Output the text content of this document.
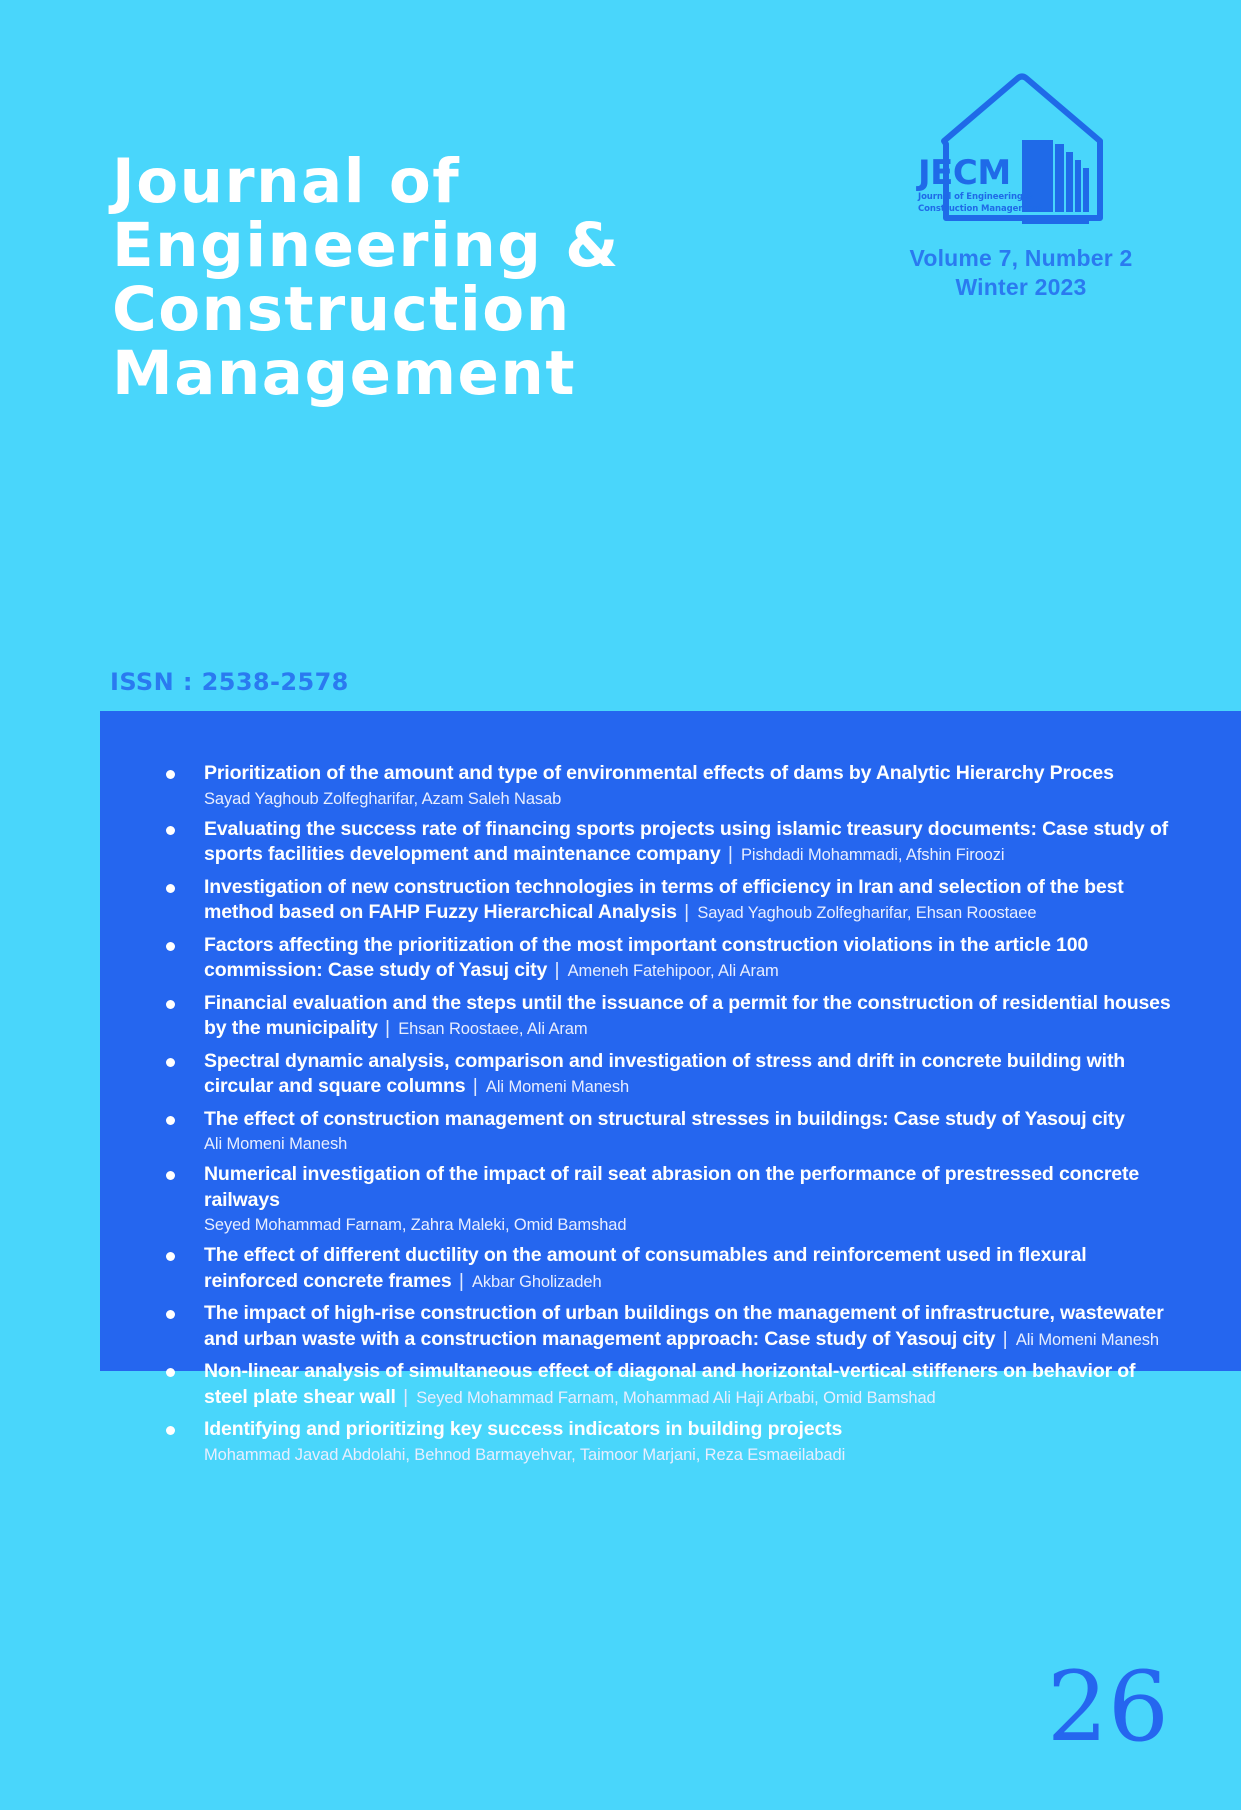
Journal of
Engineering &
Construction
Management
JECM
Journal of Engineering &
Construction Management
Volume 7, Number 2
Winter 2023
ISSN : 2538-2578
Prioritization of the amount and type of environmental effects of dams by Analytic Hierarchy Proces
Sayad Yaghoub Zolfegharifar, Azam Saleh Nasab
Evaluating the success rate of financing sports projects using islamic treasury documents: Case study of sports facilities development and maintenance company | Pishdadi Mohammadi, Afshin Firoozi
Investigation of new construction technologies in terms of efficiency in Iran and selection of the best method based on FAHP Fuzzy Hierarchical Analysis | Sayad Yaghoub Zolfegharifar, Ehsan Roostaee
Factors affecting the prioritization of the most important construction violations in the article 100 commission: Case study of Yasuj city | Ameneh Fatehipoor, Ali Aram
Financial evaluation and the steps until the issuance of a permit for the construction of residential houses by the municipality | Ehsan Roostaee, Ali Aram
Spectral dynamic analysis, comparison and investigation of stress and drift in concrete building with circular and square columns | Ali Momeni Manesh
The effect of construction management on structural stresses in buildings: Case study of Yasouj city
Ali Momeni Manesh
Numerical investigation of the impact of rail seat abrasion on the performance of prestressed concrete railways
Seyed Mohammad Farnam, Zahra Maleki, Omid Bamshad
The effect of different ductility on the amount of consumables and reinforcement used in flexural reinforced concrete frames | Akbar Gholizadeh
The impact of high-rise construction of urban buildings on the management of infrastructure, wastewater and urban waste with a construction management approach: Case study of Yasouj city | Ali Momeni Manesh
Non-linear analysis of simultaneous effect of diagonal and horizontal-vertical stiffeners on behavior of steel plate shear wall | Seyed Mohammad Farnam, Mohammad Ali Haji Arbabi, Omid Bamshad
Identifying and prioritizing key success indicators in building projects
Mohammad Javad Abdolahi, Behnod Barmayehvar, Taimoor Marjani, Reza Esmaeilabadi
26
